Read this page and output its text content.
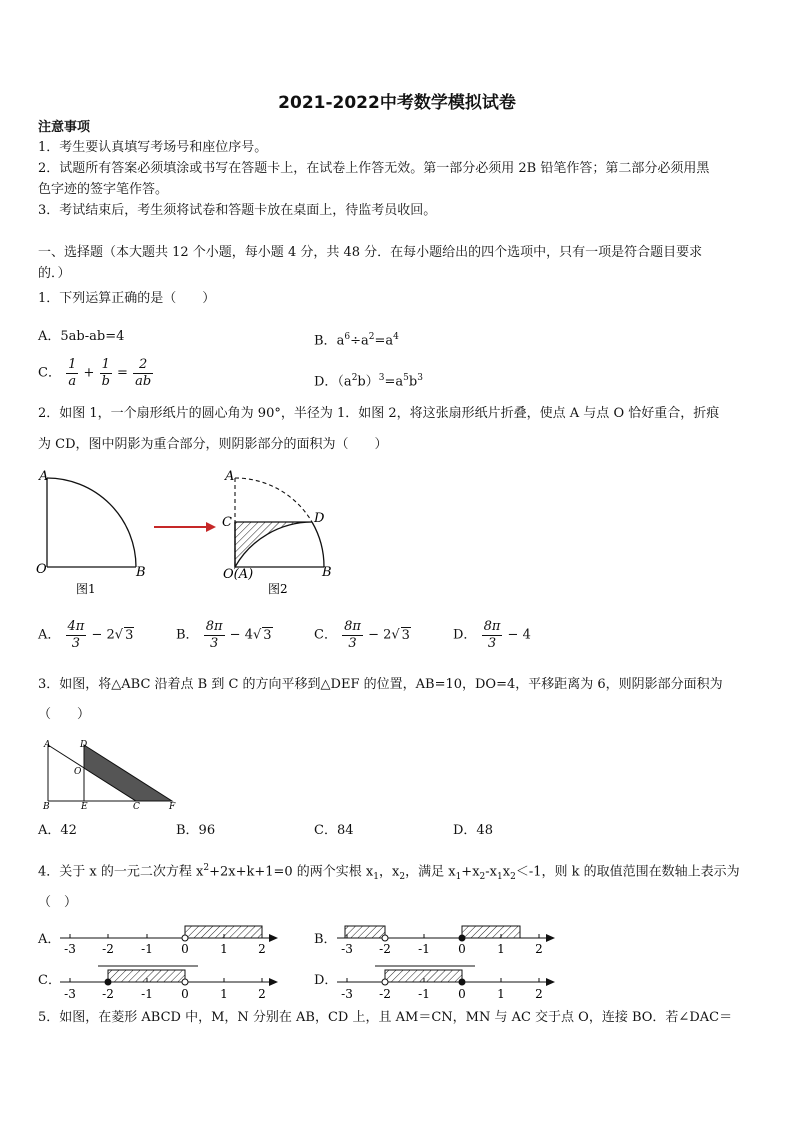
2021-2022中考数学模拟试卷
注意事项
1．考生要认真填写考场号和座位序号。
2．试题所有答案必须填涂或书写在答题卡上，在试卷上作答无效。第一部分必须用 2B 铅笔作答；第二部分必须用黑
色字迹的签字笔作答。
3．考试结束后，考生须将试卷和答题卡放在桌面上，待监考员收回。
一、选择题（本大题共 12 个小题，每小题 4 分，共 48 分．在每小题给出的四个选项中，只有一项是符合题目要求
的．）
1．下列运算正确的是（　　）
A．5ab-ab=4	B．$a^6\div a^2=a^4$
C． $\frac{1}{a} + \frac{1}{b} = \frac{2}{ab}$	D．$(a^2b)^3=a^5b^3$
2．如图 1，一个扇形纸片的圆心角为 90°，半径为 1．如图 2，将这张扇形纸片折叠，使点 A 与点 O 恰好重合，折痕
为 CD，图中阴影为重合部分，则阴影部分的面积为（　　）
A
O	B
图1
A
C	D
O(A)	B
图2
A． $\frac{4\pi}{3} - 2√$ 3	B． $\frac{8\pi}{3} - 4√$ 3	C． $\frac{8\pi}{3} - 2√$ 3	D． $\frac{8\pi}{3} - 4$
3．如图，将△ABC 沿着点 B 到 C 的方向平移到△DEF 的位置，AB=10，DO=4，平移距离为 6，则阴影部分面积为
（　　）
A	D
O
B	E	C	F
A．42	B．96	C．84	D．48
4．关于 x 的一元二次方程 $x^2+2x+k+1=0$ 的两个实根 $x_1$，$x_2$，满足 $x_1+x_2-x_1x_2<-1$，则 k 的取值范围在数轴上表示为
（　）
A．	B．
C．	D．
-3 -2 -1 0	1	2	-3 -2 -1 0	1	2
-3 -2 -1 0	1	2	-3 -2 -1 0	1	2
5．如图，在菱形 ABCD 中，M，N 分别在 AB，CD 上，且 AM＝CN，MN 与 AC 交于点 O，连接 BO．若∠DAC＝
